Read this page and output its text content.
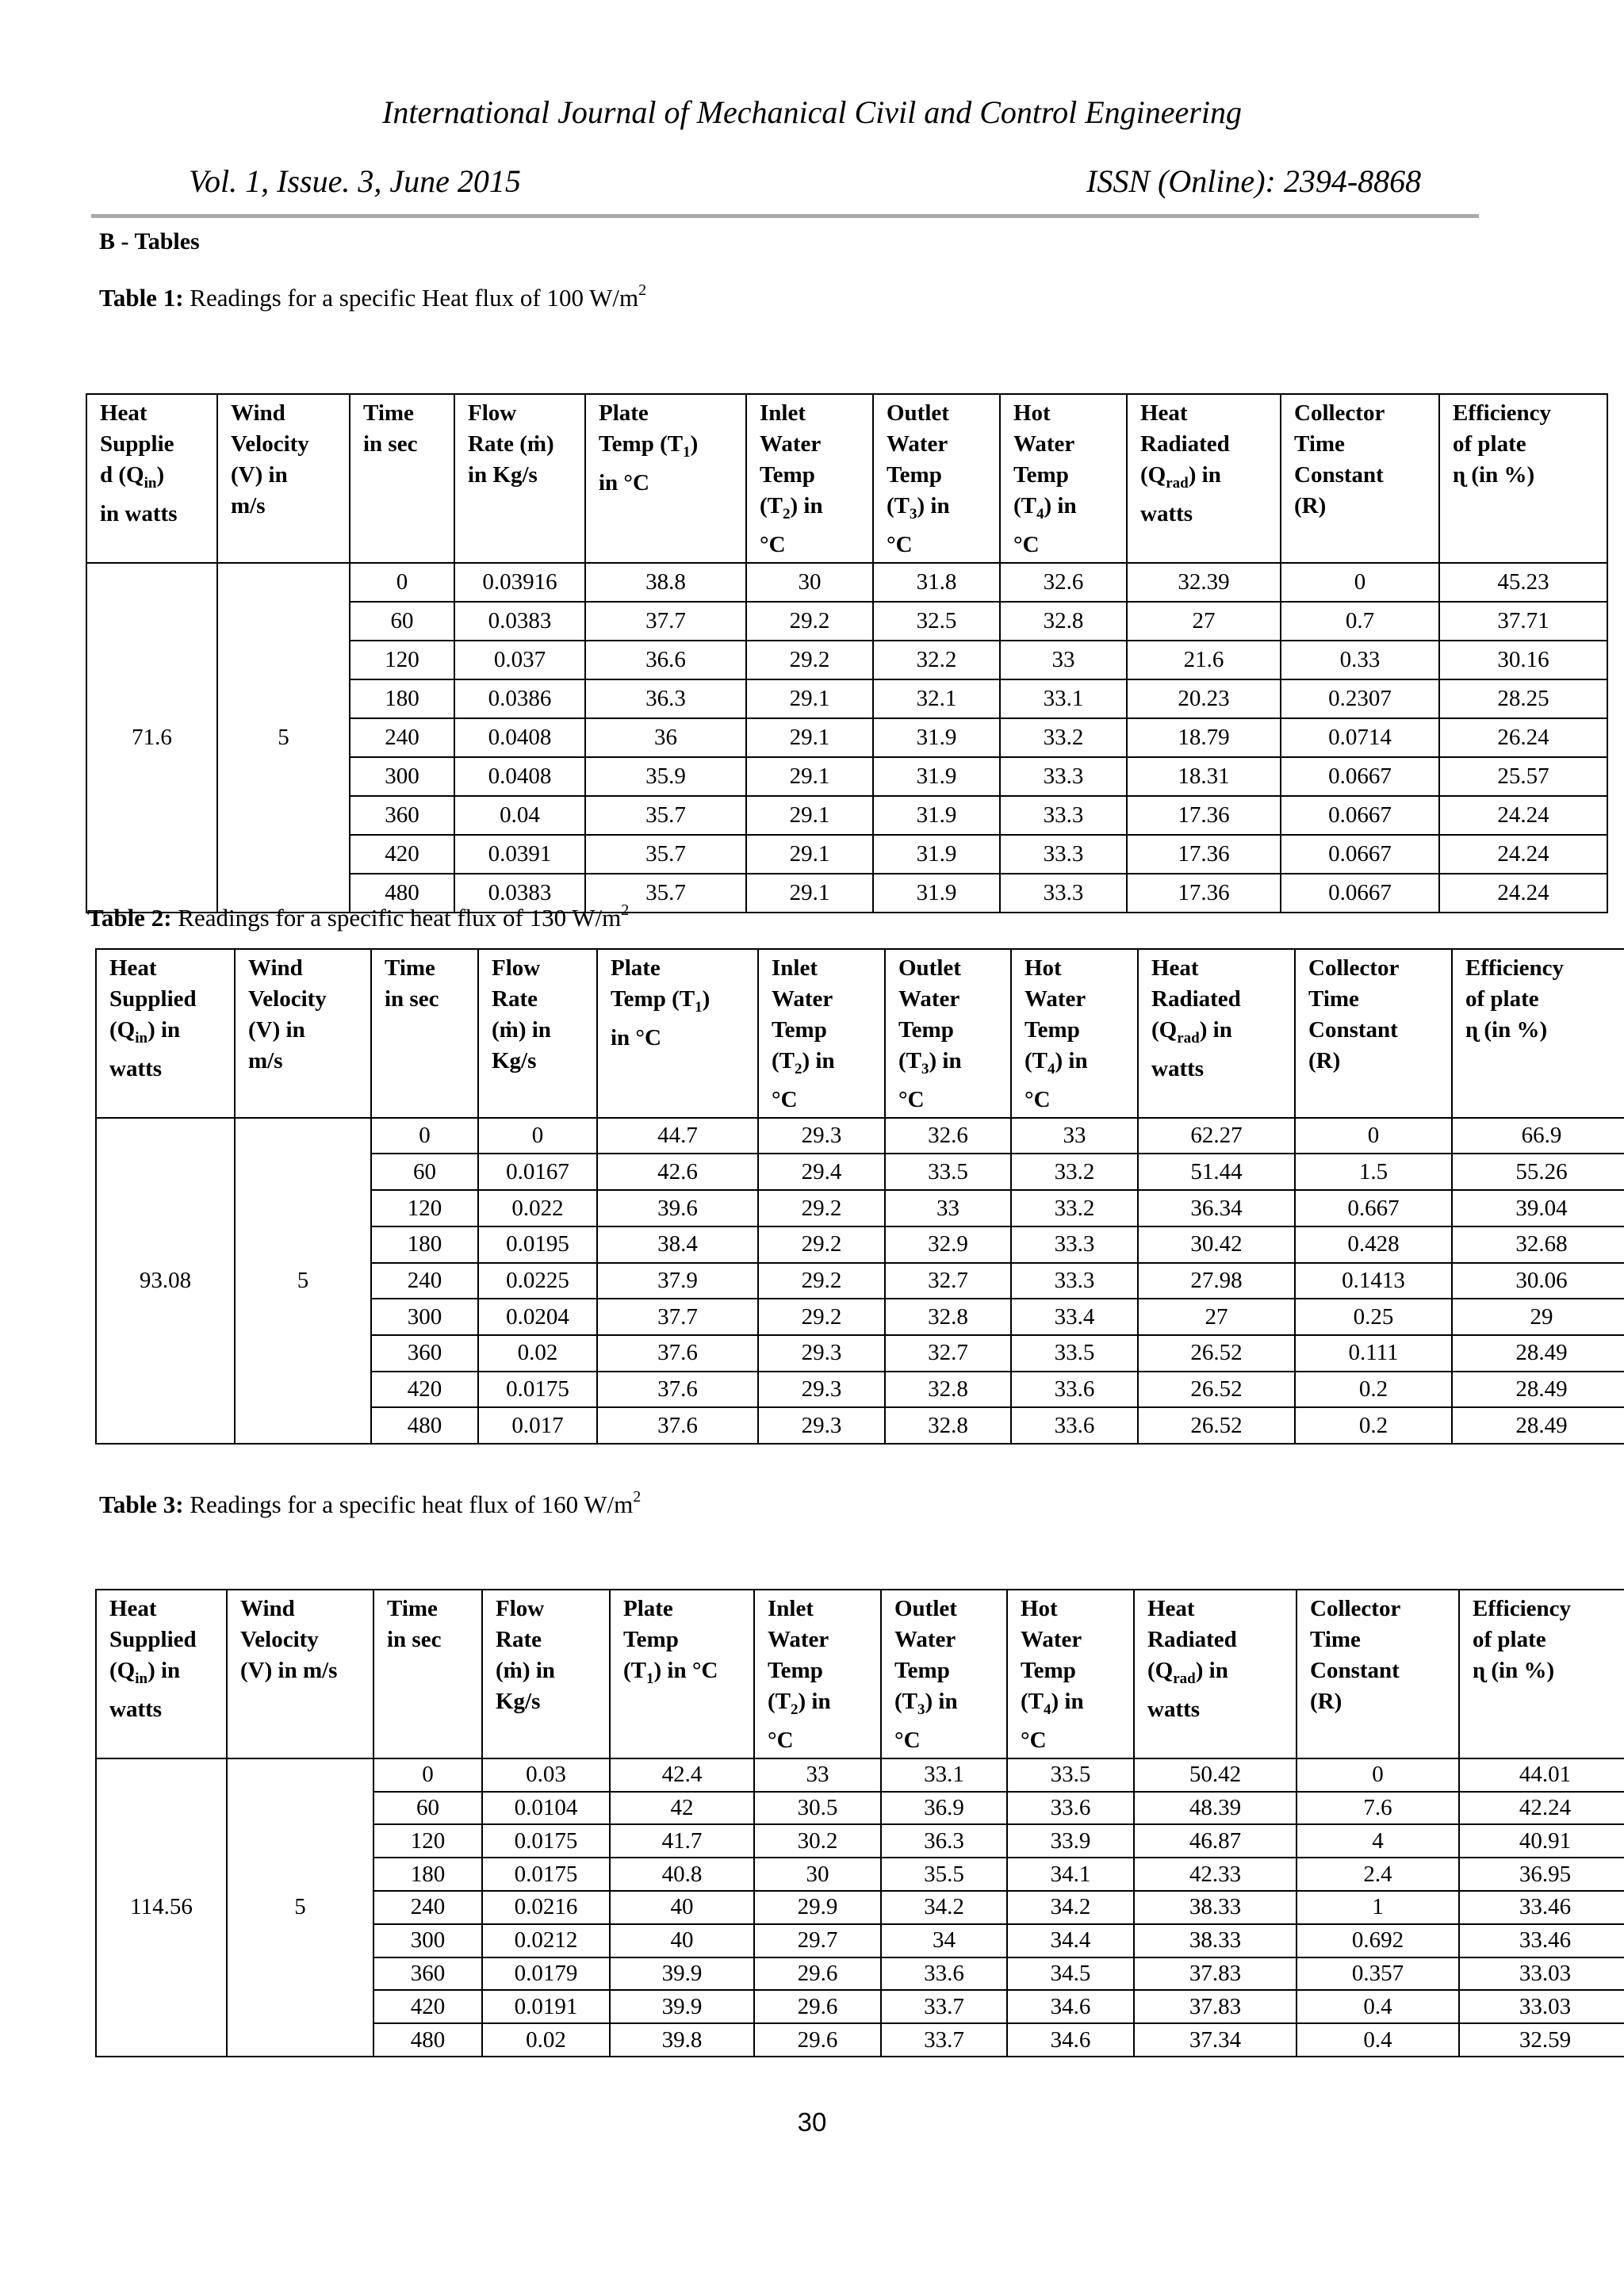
International Journal of Mechanical Civil and Control Engineering
Vol. 1, Issue. 3, June 2015	ISSN (Online): 2394-8868
B - Tables
Table 1: Readings for a specific Heat flux of 100 $W/m^2$
Heat
Supplie
d $(Q_{in})$
in watts	Wind
Velocity
(V) in
m/s	Time
in sec	Flow
Rate (ṁ)
in Kg/s	Plate
Temp $(T_1)$
in °C	Inlet
Water
Temp
$(T_2)$ in
°C	Outlet
Water
Temp
$(T_3)$ in
°C	Hot
Water
Temp
$(T_4)$ in
°C	Heat
Radiated
$(Q_{rad})$ in
watts	Collector
Time
Constant
(R)	Efficiency
of plate
ɳ (in %)
71.6	5	0	0.03916	38.8	30	31.8	32.6	32.39	0	45.23
		60	0.0383	37.7	29.2	32.5	32.8	27	0.7	37.71
		120	0.037	36.6	29.2	32.2	33	21.6	0.33	30.16
		180	0.0386	36.3	29.1	32.1	33.1	20.23	0.2307	28.25
		240	0.0408	36	29.1	31.9	33.2	18.79	0.0714	26.24
		300	0.0408	35.9	29.1	31.9	33.3	18.31	0.0667	25.57
		360	0.04	35.7	29.1	31.9	33.3	17.36	0.0667	24.24
		420	0.0391	35.7	29.1	31.9	33.3	17.36	0.0667	24.24
		480	0.0383	35.7	29.1	31.9	33.3	17.36	0.0667	24.24
Table 2: Readings for a specific heat flux of 130 $W/m^2$
Heat
Supplied
$(Q_{in})$ in
watts	Wind
Velocity
(V) in
m/s	Time
in sec	Flow
Rate
(ṁ) in
Kg/s	Plate
Temp $(T_1)$
in °C	Inlet
Water
Temp
$(T_2)$ in
°C	Outlet
Water
Temp
$(T_3)$ in
°C	Hot
Water
Temp
$(T_4)$ in
°C	Heat
Radiated
$(Q_{rad})$ in
watts	Collector
Time
Constant
(R)	Efficiency
of plate
ɳ (in %)
93.08	5	0	0	44.7	29.3	32.6	33	62.27	0	66.9
		60	0.0167	42.6	29.4	33.5	33.2	51.44	1.5	55.26
		120	0.022	39.6	29.2	33	33.2	36.34	0.667	39.04
		180	0.0195	38.4	29.2	32.9	33.3	30.42	0.428	32.68
		240	0.0225	37.9	29.2	32.7	33.3	27.98	0.1413	30.06
		300	0.0204	37.7	29.2	32.8	33.4	27	0.25	29
		360	0.02	37.6	29.3	32.7	33.5	26.52	0.111	28.49
		420	0.0175	37.6	29.3	32.8	33.6	26.52	0.2	28.49
		480	0.017	37.6	29.3	32.8	33.6	26.52	0.2	28.49
Table 3: Readings for a specific heat flux of 160 $W/m^2$
Heat
Supplied
$(Q_{in})$ in
watts	Wind
Velocity
(V) in m/s	Time
in sec	Flow
Rate
(ṁ) in
Kg/s	Plate
Temp
$(T_1)$ in °C	Inlet
Water
Temp
$(T_2)$ in
°C	Outlet
Water
Temp
$(T_3)$ in
°C	Hot
Water
Temp
$(T_4)$ in
°C	Heat
Radiated
$(Q_{rad})$ in
watts	Collector
Time
Constant
(R)	Efficiency
of plate
ɳ (in %)
114.56	5	0	0.03	42.4	33	33.1	33.5	50.42	0	44.01
		60	0.0104	42	30.5	36.9	33.6	48.39	7.6	42.24
		120	0.0175	41.7	30.2	36.3	33.9	46.87	4	40.91
		180	0.0175	40.8	30	35.5	34.1	42.33	2.4	36.95
		240	0.0216	40	29.9	34.2	34.2	38.33	1	33.46
		300	0.0212	40	29.7	34	34.4	38.33	0.692	33.46
		360	0.0179	39.9	29.6	33.6	34.5	37.83	0.357	33.03
		420	0.0191	39.9	29.6	33.7	34.6	37.83	0.4	33.03
		480	0.02	39.8	29.6	33.7	34.6	37.34	0.4	32.59
30
